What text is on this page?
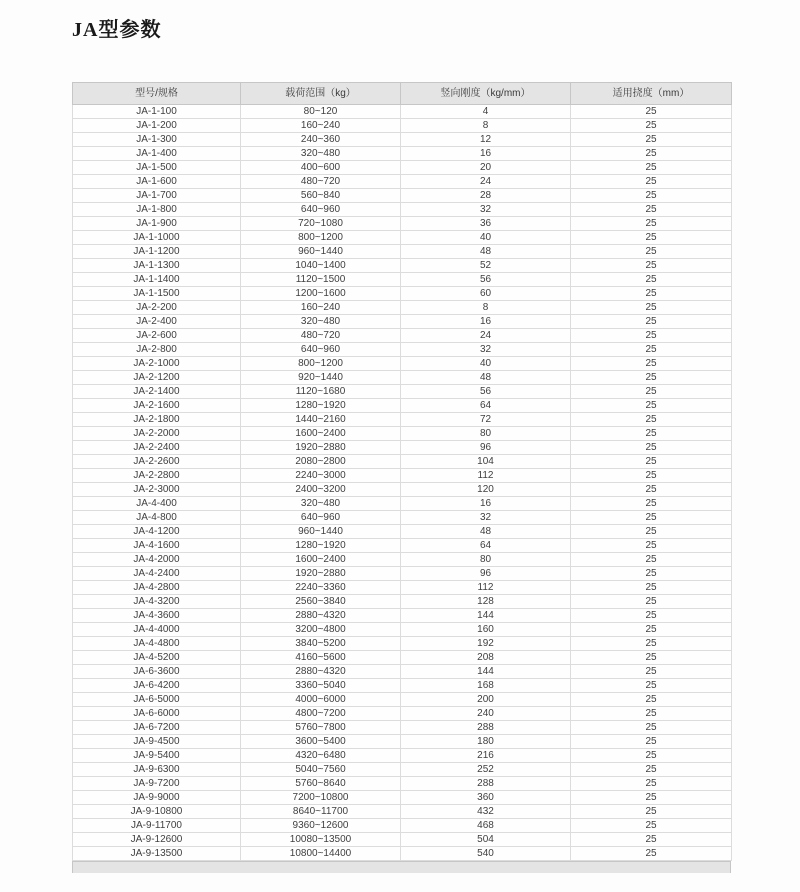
JA型参数
型号/规格	载荷范围（kg）	竖向刚度（kg/mm）	适用挠度（mm）
JA-1-100	80~120	4	25
JA-1-200	160~240	8	25
JA-1-300	240~360	12	25
JA-1-400	320~480	16	25
JA-1-500	400~600	20	25
JA-1-600	480~720	24	25
JA-1-700	560~840	28	25
JA-1-800	640~960	32	25
JA-1-900	720~1080	36	25
JA-1-1000	800~1200	40	25
JA-1-1200	960~1440	48	25
JA-1-1300	1040~1400	52	25
JA-1-1400	1120~1500	56	25
JA-1-1500	1200~1600	60	25
JA-2-200	160~240	8	25
JA-2-400	320~480	16	25
JA-2-600	480~720	24	25
JA-2-800	640~960	32	25
JA-2-1000	800~1200	40	25
JA-2-1200	920~1440	48	25
JA-2-1400	1120~1680	56	25
JA-2-1600	1280~1920	64	25
JA-2-1800	1440~2160	72	25
JA-2-2000	1600~2400	80	25
JA-2-2400	1920~2880	96	25
JA-2-2600	2080~2800	104	25
JA-2-2800	2240~3000	112	25
JA-2-3000	2400~3200	120	25
JA-4-400	320~480	16	25
JA-4-800	640~960	32	25
JA-4-1200	960~1440	48	25
JA-4-1600	1280~1920	64	25
JA-4-2000	1600~2400	80	25
JA-4-2400	1920~2880	96	25
JA-4-2800	2240~3360	112	25
JA-4-3200	2560~3840	128	25
JA-4-3600	2880~4320	144	25
JA-4-4000	3200~4800	160	25
JA-4-4800	3840~5200	192	25
JA-4-5200	4160~5600	208	25
JA-6-3600	2880~4320	144	25
JA-6-4200	3360~5040	168	25
JA-6-5000	4000~6000	200	25
JA-6-6000	4800~7200	240	25
JA-6-7200	5760~7800	288	25
JA-9-4500	3600~5400	180	25
JA-9-5400	4320~6480	216	25
JA-9-6300	5040~7560	252	25
JA-9-7200	5760~8640	288	25
JA-9-9000	7200~10800	360	25
JA-9-10800	8640~11700	432	25
JA-9-11700	9360~12600	468	25
JA-9-12600	10080~13500	504	25
JA-9-13500	10800~14400	540	25
